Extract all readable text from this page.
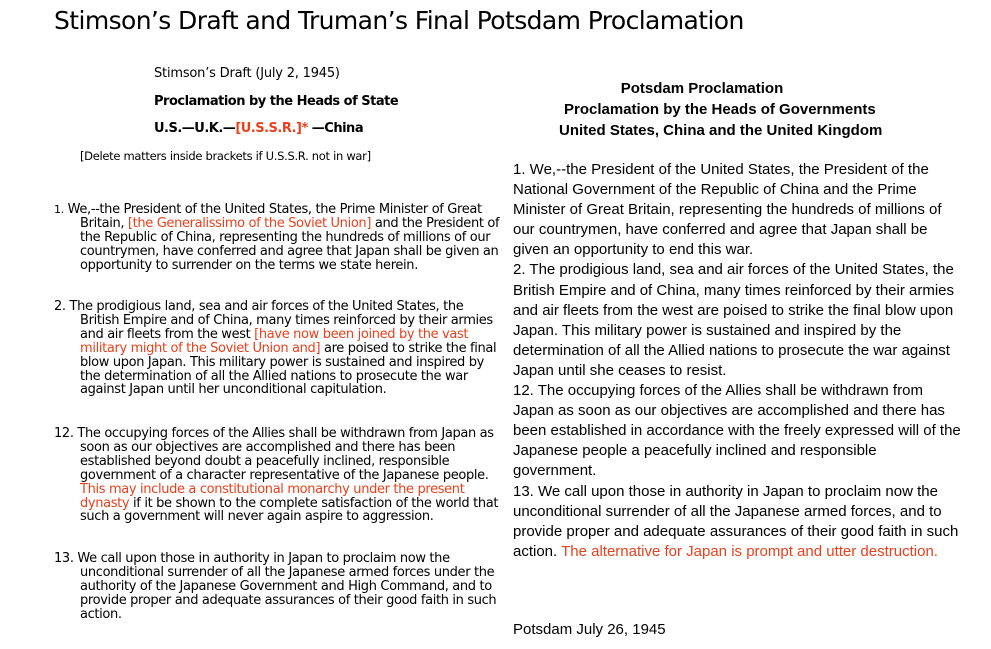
Stimson’s Draft and Truman’s Final Potsdam Proclamation
Stimson’s Draft (July 2, 1945)
Proclamation by the Heads of State
U.S.—U.K.—[U.S.S.R.]* —China
[Delete matters inside brackets if U.S.S.R. not in war]

1. We,--the President of the United States, the Prime Minister of Great Britain, [the Generalissimo of the Soviet Union] and the President of the Republic of China, representing the hundreds of millions of our countrymen, have conferred and agree that Japan shall be given an opportunity to surrender on the terms we state herein.

2. The prodigious land, sea and air forces of the United States, the British Empire and of China, many times reinforced by their armies and air fleets from the west [have now been joined by the vast military might of the Soviet Union and] are poised to strike the final blow upon Japan. This military power is sustained and inspired by the determination of all the Allied nations to prosecute the war against Japan until her unconditional capitulation.

12. The occupying forces of the Allies shall be withdrawn from Japan as soon as our objectives are accomplished and there has been established beyond doubt a peacefully inclined, responsible government of a character representative of the Japanese people. This may include a constitutional monarchy under the present dynasty if it be shown to the complete satisfaction of the world that such a government will never again aspire to aggression.

13. We call upon those in authority in Japan to proclaim now the unconditional surrender of all the Japanese armed forces under the authority of the Japanese Government and High Command, and to provide proper and adequate assurances of their good faith in such action.

Potsdam Proclamation
Proclamation by the Heads of Governments
United States, China and the United Kingdom

1. We,--the President of the United States, the President of the National Government of the Republic of China and the Prime Minister of Great Britain, representing the hundreds of millions of our countrymen, have conferred and agree that Japan shall be given an opportunity to end this war.

2. The prodigious land, sea and air forces of the United States, the British Empire and of China, many times reinforced by their armies and air fleets from the west are poised to strike the final blow upon Japan. This military power is sustained and inspired by the determination of all the Allied nations to prosecute the war against Japan until she ceases to resist.

12. The occupying forces of the Allies shall be withdrawn from Japan as soon as our objectives are accomplished and there has been established in accordance with the freely expressed will of the Japanese people a peacefully inclined and responsible government.

13. We call upon those in authority in Japan to proclaim now the unconditional surrender of all the Japanese armed forces, and to provide proper and adequate assurances of their good faith in such action. The alternative for Japan is prompt and utter destruction.

Potsdam July 26, 1945
